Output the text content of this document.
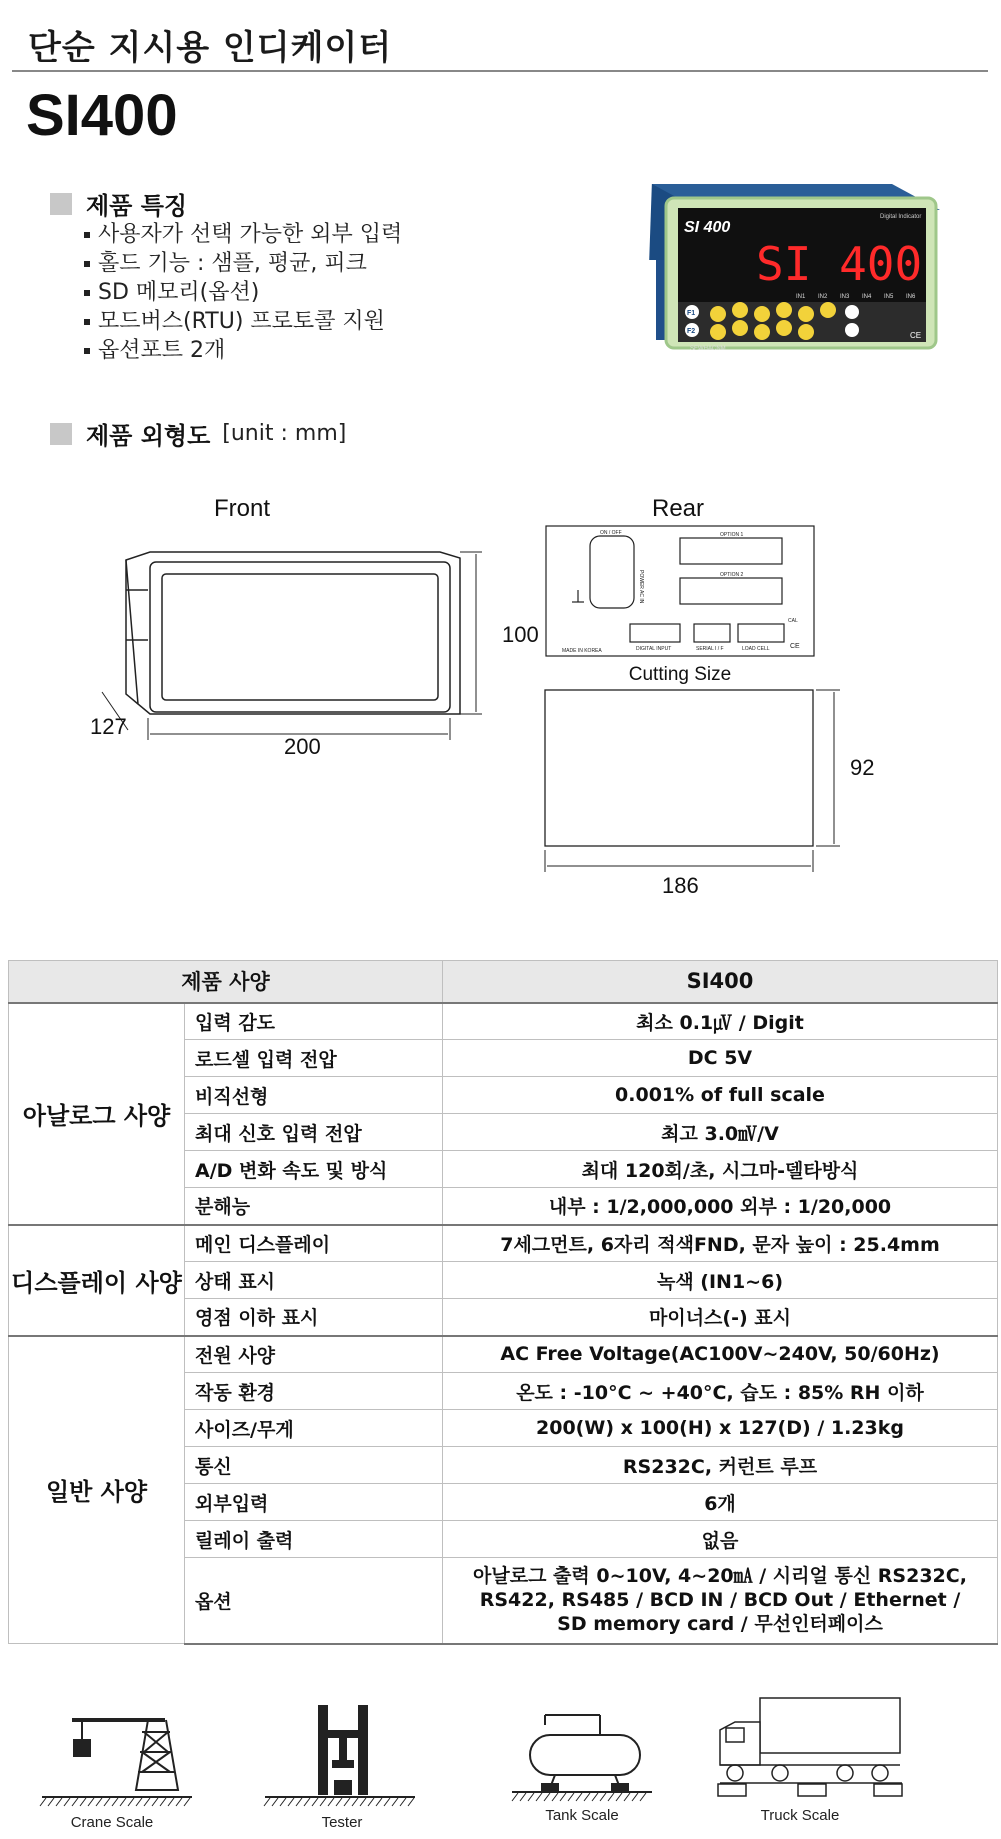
단순 지시용 인디케이터
SI400
제품 특징
사용자가 선택 가능한 외부 입력
홀드 기능 : 샘플, 평균, 피크
SD 메모리(옵션)
모드버스(RTU) 프로토콜 지원
옵션포트 2개
SI 400
Digital Indicator
SI 400
IN1 IN2 IN3 IN4 IN5 IN6
F1
F2
SEWHACNM
CE
제품 외형도 [unit : mm]
Front
100
127
200
Rear
ON / OFF	OPTION 1
OPTION 2
POWER AC IN
MADE IN KOREA	DIGITAL INPUT	SERIAL I / F	LOAD CELL
CAL
CE
Cutting Size
92
186
제품 사양		SI400
아날로그 사양	입력 감도	최소 0.1㎶ / Digit
	로드셀 입력 전압	DC 5V
	비직선형	0.001% of full scale
	최대 신호 입력 전압	최고 3.0㎷/V
	A/D 변화 속도 및 방식	최대 120회/초, 시그마-델타방식
	분해능	내부 : 1/2,000,000 외부 : 1/20,000
디스플레이 사양	메인 디스플레이	7세그먼트, 6자리 적색FND, 문자 높이 : 25.4mm
	상태 표시	녹색 (IN1~6)
	영점 이하 표시	마이너스(-) 표시
일반 사양	전원 사양	AC Free Voltage(AC100V~240V, 50/60Hz)
	작동 환경	온도 : -10°C ~ +40°C, 습도 : 85% RH 이하
	사이즈/무게	200(W) x 100(H) x 127(D) / 1.23kg
	통신	RS232C, 커런트 루프
	외부입력	6개
	릴레이 출력	없음
	옵션	아날로그 출력 0~10V, 4~20㎃ / 시리얼 통신 RS232C, RS422, RS485 / BCD IN / BCD Out / Ethernet / SD memory card / 무선인터페이스
Crane Scale	Tester	Tank Scale	Truck Scale
